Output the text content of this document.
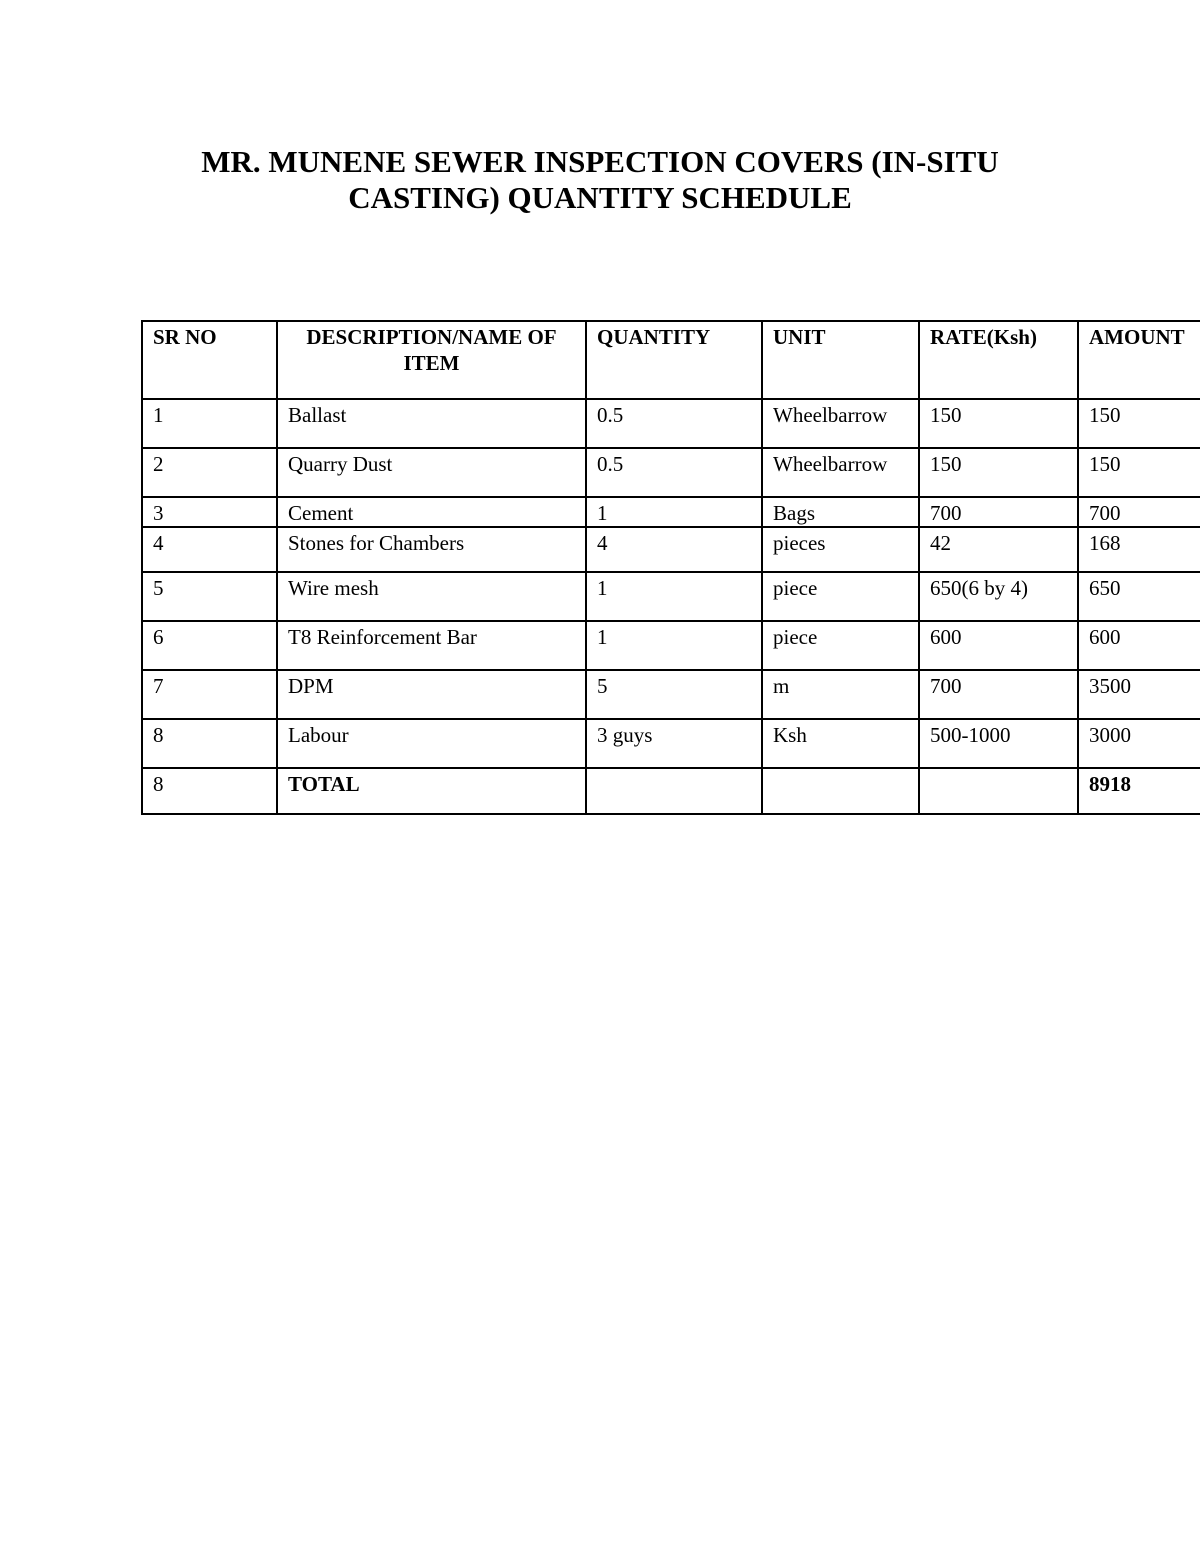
MR. MUNENE SEWER INSPECTION COVERS (IN-SITU
CASTING) QUANTITY SCHEDULE
SR NO	DESCRIPTION/NAME OF ITEM	QUANTITY	UNIT	RATE(Ksh)	AMOUNT
1	Ballast	0.5	Wheelbarrow	150	150
2	Quarry Dust	0.5	Wheelbarrow	150	150
3	Cement	1	Bags	700	700
4	Stones for Chambers	4	pieces	42	168
5	Wire mesh	1	piece	650(6 by 4)	650
6	T8 Reinforcement Bar	1	piece	600	600
7	DPM	5	m	700	3500
8	Labour	3 guys	Ksh	500-1000	3000
8	TOTAL				8918
